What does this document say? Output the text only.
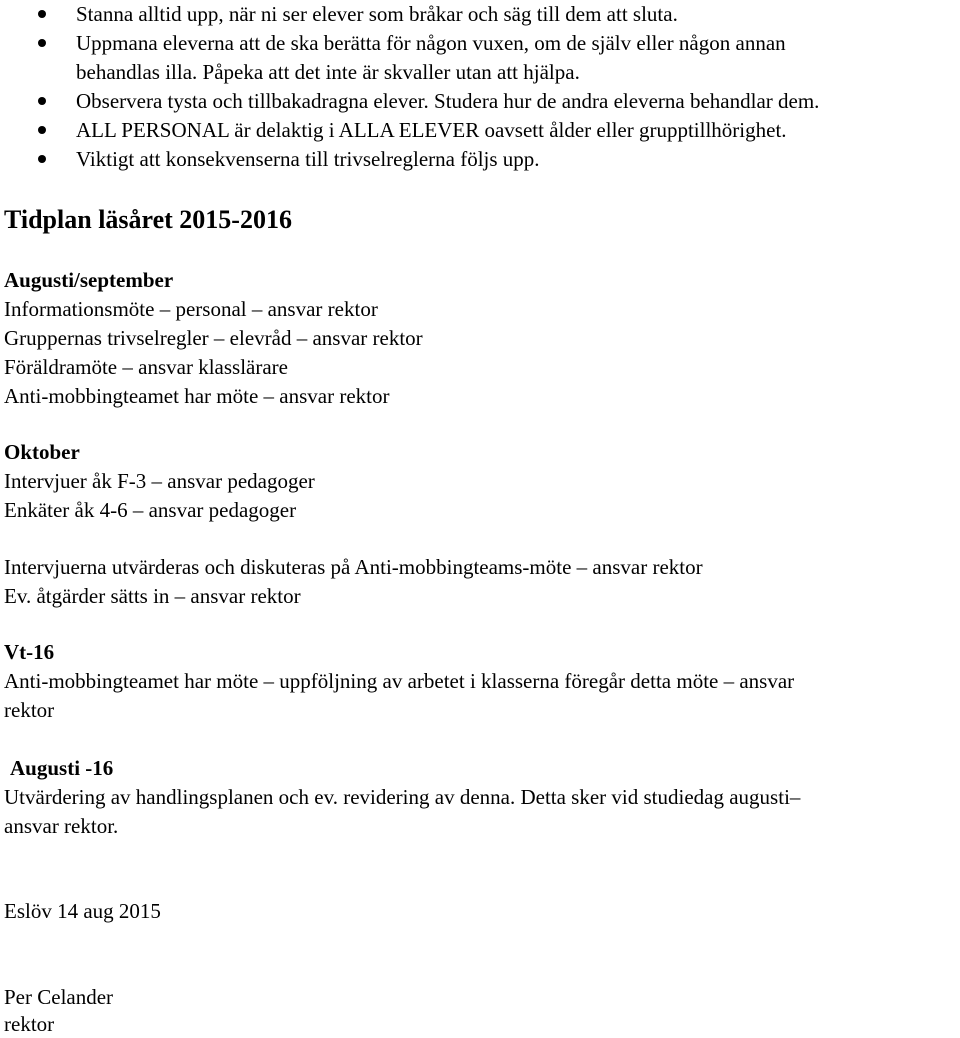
Stanna alltid upp, när ni ser elever som bråkar och säg till dem att sluta.
Uppmana eleverna att de ska berätta för någon vuxen, om de själv eller någon annan
behandlas illa. Påpeka att det inte är skvaller utan att hjälpa.
Observera tysta och tillbakadragna elever. Studera hur de andra eleverna behandlar dem.
ALL PERSONAL är delaktig i ALLA ELEVER oavsett ålder eller grupptillhörighet.
Viktigt att konsekvenserna till trivselreglerna följs upp.
Tidplan läsåret 2015-2016
Augusti/september
Informationsmöte – personal – ansvar rektor
Gruppernas trivselregler – elevråd – ansvar rektor
Föräldramöte – ansvar klasslärare
Anti-mobbingteamet har möte – ansvar rektor
Oktober
Intervjuer åk F-3 – ansvar pedagoger
Enkäter åk 4-6 – ansvar pedagoger
Intervjuerna utvärderas och diskuteras på Anti-mobbingteams-möte – ansvar rektor
Ev. åtgärder sätts in – ansvar rektor
Vt-16
Anti-mobbingteamet har möte – uppföljning av arbetet i klasserna föregår detta möte – ansvar
rektor
Augusti -16
Utvärdering av handlingsplanen och ev. revidering av denna. Detta sker vid studiedag augusti–
ansvar rektor.
Eslöv 14 aug 2015
Per Celander
rektor
